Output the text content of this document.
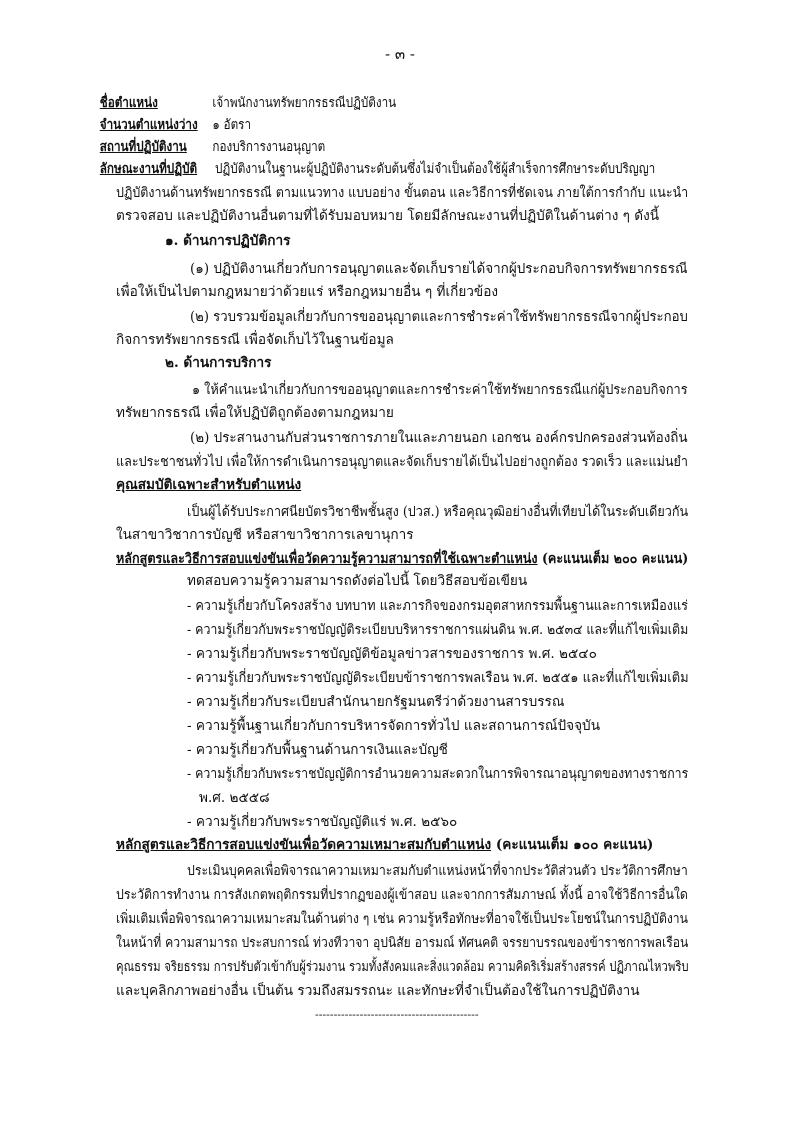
- ๓ -
ชื่อตำแหน่ง	เจ้าพนักงานทรัพยากรธรณีปฏิบัติงาน
จำนวนตำแหน่งว่าง ๑ อัตรา
สถานที่ปฏิบัติงาน กองบริการงานอนุญาต
ลักษณะงานที่ปฏิบัติ ปฏิบัติงานในฐานะผู้ปฏิบัติงานระดับต้นซึ่งไม่จำเป็นต้องใช้ผู้สำเร็จการศึกษาระดับปริญญา
ปฏิบัติงานด้านทรัพยากรธรณี ตามแนวทาง แบบอย่าง ขั้นตอน และวิธีการที่ชัดเจน ภายใต้การกำกับ แนะนำ
ตรวจสอบ และปฏิบัติงานอื่นตามที่ได้รับมอบหมาย โดยมีลักษณะงานที่ปฏิบัติในด้านต่าง ๆ ดังนี้
๑. ด้านการปฏิบัติการ
(๑) ปฏิบัติงานเกี่ยวกับการอนุญาตและจัดเก็บรายได้จากผู้ประกอบกิจการทรัพยากรธรณี
เพื่อให้เป็นไปตามกฎหมายว่าด้วยแร่ หรือกฎหมายอื่น ๆ ที่เกี่ยวข้อง
(๒) รวบรวมข้อมูลเกี่ยวกับการขออนุญาตและการชำระค่าใช้ทรัพยากรธรณีจากผู้ประกอบ
กิจการทรัพยากรธรณี เพื่อจัดเก็บไว้ในฐานข้อมูล
๒. ด้านการบริการ
๑ ให้คำแนะนำเกี่ยวกับการขออนุญาตและการชำระค่าใช้ทรัพยากรธรณีแก่ผู้ประกอบกิจการ
ทรัพยากรธรณี เพื่อให้ปฏิบัติถูกต้องตามกฎหมาย
(๒) ประสานงานกับส่วนราชการภายในและภายนอก เอกชน องค์กรปกครองส่วนท้องถิ่น
และประชาชนทั่วไป เพื่อให้การดำเนินการอนุญาตและจัดเก็บรายได้เป็นไปอย่างถูกต้อง รวดเร็ว และแม่นยำ
คุณสมบัติเฉพาะสำหรับตำแหน่ง
เป็นผู้ได้รับประกาศนียบัตรวิชาชีพชั้นสูง (ปวส.) หรือคุณวุฒิอย่างอื่นที่เทียบได้ในระดับเดียวกัน
ในสาขาวิชาการบัญชี หรือสาขาวิชาการเลขานุการ
หลักสูตรและวิธีการสอบแข่งขันเพื่อวัดความรู้ความสามารถที่ใช้เฉพาะตำแหน่ง (คะแนนเต็ม ๒๐๐ คะแนน)
ทดสอบความรู้ความสามารถดังต่อไปนี้ โดยวิธีสอบข้อเขียน
- ความรู้เกี่ยวกับโครงสร้าง บทบาท และภารกิจของกรมอุตสาหกรรมพื้นฐานและการเหมืองแร่
- ความรู้เกี่ยวกับพระราชบัญญัติระเบียบบริหารราชการแผ่นดิน พ.ศ. ๒๕๓๔ และที่แก้ไขเพิ่มเติม
- ความรู้เกี่ยวกับพระราชบัญญัติข้อมูลข่าวสารของราชการ พ.ศ. ๒๕๔๐
- ความรู้เกี่ยวกับพระราชบัญญัติระเบียบข้าราชการพลเรือน พ.ศ. ๒๕๕๑ และที่แก้ไขเพิ่มเติม
- ความรู้เกี่ยวกับระเบียบสำนักนายกรัฐมนตรีว่าด้วยงานสารบรรณ
- ความรู้พื้นฐานเกี่ยวกับการบริหารจัดการทั่วไป และสถานการณ์ปัจจุบัน
- ความรู้เกี่ยวกับพื้นฐานด้านการเงินและบัญชี
- ความรู้เกี่ยวกับพระราชบัญญัติการอำนวยความสะดวกในการพิจารณาอนุญาตของทางราชการ
พ.ศ. ๒๕๕๘
- ความรู้เกี่ยวกับพระราชบัญญัติแร่ พ.ศ. ๒๕๖๐
หลักสูตรและวิธีการสอบแข่งขันเพื่อวัดความเหมาะสมกับตำแหน่ง (คะแนนเต็ม ๑๐๐ คะแนน)
ประเมินบุคคลเพื่อพิจารณาความเหมาะสมกับตำแหน่งหน้าที่จากประวัติส่วนตัว ประวัติการศึกษา
ประวัติการทำงาน การสังเกตพฤติกรรมที่ปรากฏของผู้เข้าสอบ และจากการสัมภาษณ์ ทั้งนี้ อาจใช้วิธีการอื่นใด
เพิ่มเติมเพื่อพิจารณาความเหมาะสมในด้านต่าง ๆ เช่น ความรู้หรือทักษะที่อาจใช้เป็นประโยชน์ในการปฏิบัติงาน
ในหน้าที่ ความสามารถ ประสบการณ์ ท่วงทีวาจา อุปนิสัย อารมณ์ ทัศนคติ จรรยาบรรณของข้าราชการพลเรือน
คุณธรรม จริยธรรม การปรับตัวเข้ากับผู้ร่วมงาน รวมทั้งสังคมและสิ่งแวดล้อม ความคิดริเริ่มสร้างสรรค์ ปฏิภาณไหวพริบ
และบุคลิกภาพอย่างอื่น เป็นต้น รวมถึงสมรรถนะ และทักษะที่จำเป็นต้องใช้ในการปฏิบัติงาน
--------------------------------------------
